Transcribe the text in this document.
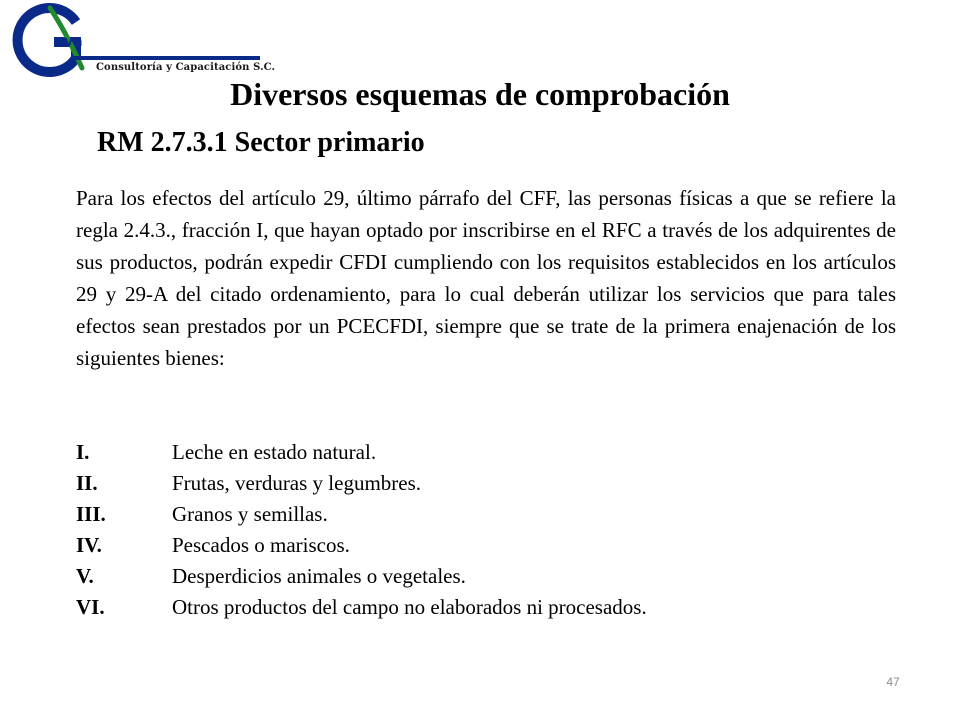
va
Consultoría y Capacitación S.C.
Diversos esquemas de comprobación
RM 2.7.3.1 Sector primario

Para los efectos del artículo 29, último párrafo del CFF, las personas físicas a que se refiere la regla 2.4.3., fracción I, que hayan optado por inscribirse en el RFC a través de los adquirentes de sus productos, podrán expedir CFDI cumpliendo con los requisitos establecidos en los artículos 29 y 29-A del citado ordenamiento, para lo cual deberán utilizar los servicios que para tales efectos sean prestados por un PCECFDI, siempre que se trate de la primera enajenación de los siguientes bienes:

I.	Leche en estado natural.
II.	Frutas, verduras y legumbres.
III.	Granos y semillas.
IV.	Pescados o mariscos.
V.	Desperdicios animales o vegetales.
VI.	Otros productos del campo no elaborados ni procesados.
47
